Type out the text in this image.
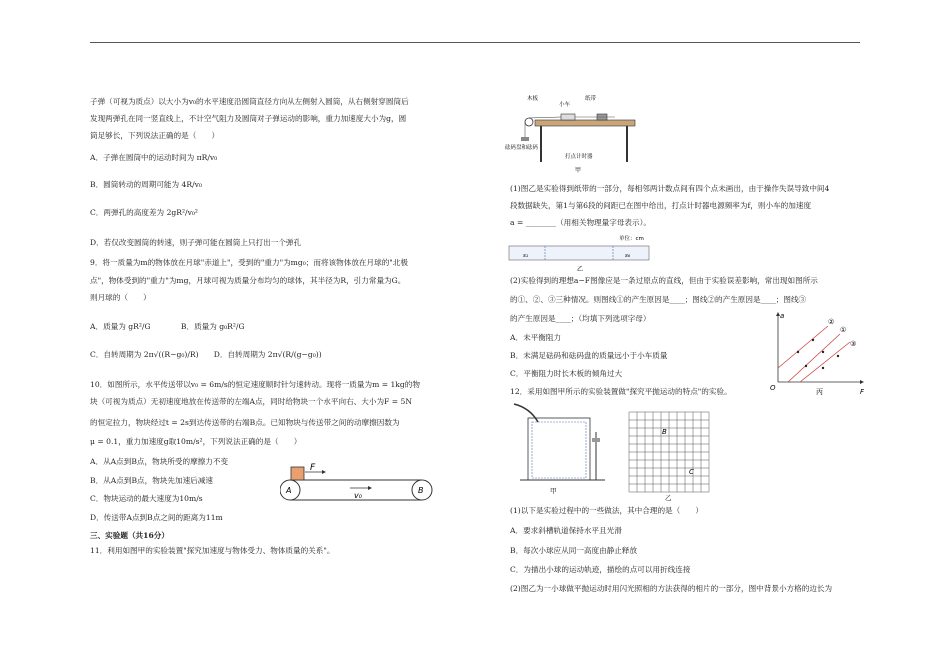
子弹（可视为质点）以大小为v₀的水平速度沿圆筒直径方向从左侧射入圆筒，从右侧射穿圆筒后
发现两弹孔在同一竖直线上，不计空气阻力及圆筒对子弹运动的影响，重力加速度大小为g，圆
筒足够长，下列说法正确的是（　　）
A．子弹在圆筒中的运动时间为 πR/v₀
B．圆筒转动的周期可能为 4R/v₀
C．两弹孔的高度差为 2gR²/v₀²
D．若仅改变圆筒的转速，则子弹可能在圆筒上只打出一个弹孔
9．将一质量为m的物体放在月球"赤道上"，受到的"重力"为mg₀；而将该物体放在月球的"北极
点"，物体受到的"重力"为mg，月球可视为质量分布均匀的球体，其半径为R，引力常量为G。
则月球的（　　）
A．质量为 gR²/G　　　　B．质量为 g₀R²/G
C．自转周期为 2π√((R−g₀)/R)　　D．自转周期为 2π√(R/(g−g₀))
10．如图所示，水平传送带以v₀ = 6m/s的恒定速度顺时针匀速转动。现将一质量为m = 1kg的物
块（可视为质点）无初速度地放在传送带的左端A点，同时给物块一个水平向右、大小为F = 5N
的恒定拉力，物块经过t = 2s到达传送带的右端B点。已知物块与传送带之间的动摩擦因数为
μ = 0.1，重力加速度g取10m/s²，下列说法正确的是（　　）
A．从A点到B点，物块所受的摩擦力不变
B．从A点到B点，物块先加速后减速
C．物块运动的最大速度为10m/s
D．传送带A点到B点之间的距离为11m
三、实验题（共16分）
11．利用如图甲的实验装置"探究加速度与物体受力、物体质量的关系"。
F
v₀
A	B
木板
小车
纸带
砝码盘和砝码
打点计时器
甲
(1)图乙是实验得到纸带的一部分，每相邻两计数点间有四个点未画出，由于操作失误导致中间4
段数据缺失，第1与第6段的间距已在图中给出，打点计时器电源频率为f，则小车的加速度
a = ________（用相关物理量字母表示）。
单位：cm
s₁	s₆
乙
(2)实验得到的理想a−F图像应是一条过原点的直线，但由于实验误差影响，常出现如图所示
的①、②、③三种情况。则图线①的产生原因是____；图线②的产生原因是____；图线③
的产生原因是____；（均填下列选项字母）
A．未平衡阻力
B．未满足砝码和砝码盘的质量远小于小车质量
C．平衡阻力时长木板的倾角过大
12．采用如图甲所示的实验装置做"探究平抛运动的特点"的实验。
a
F
O
②
①
③
丙
甲
B
C
乙
(1)以下是实验过程中的一些做法，其中合理的是（　　）
A．要求斜槽轨道保持水平且光滑
B．每次小球应从同一高度由静止释放
C．为描出小球的运动轨迹，描绘的点可以用折线连接
(2)图乙为一小球做平抛运动时用闪光照相的方法获得的相片的一部分，图中背景小方格的边长为
